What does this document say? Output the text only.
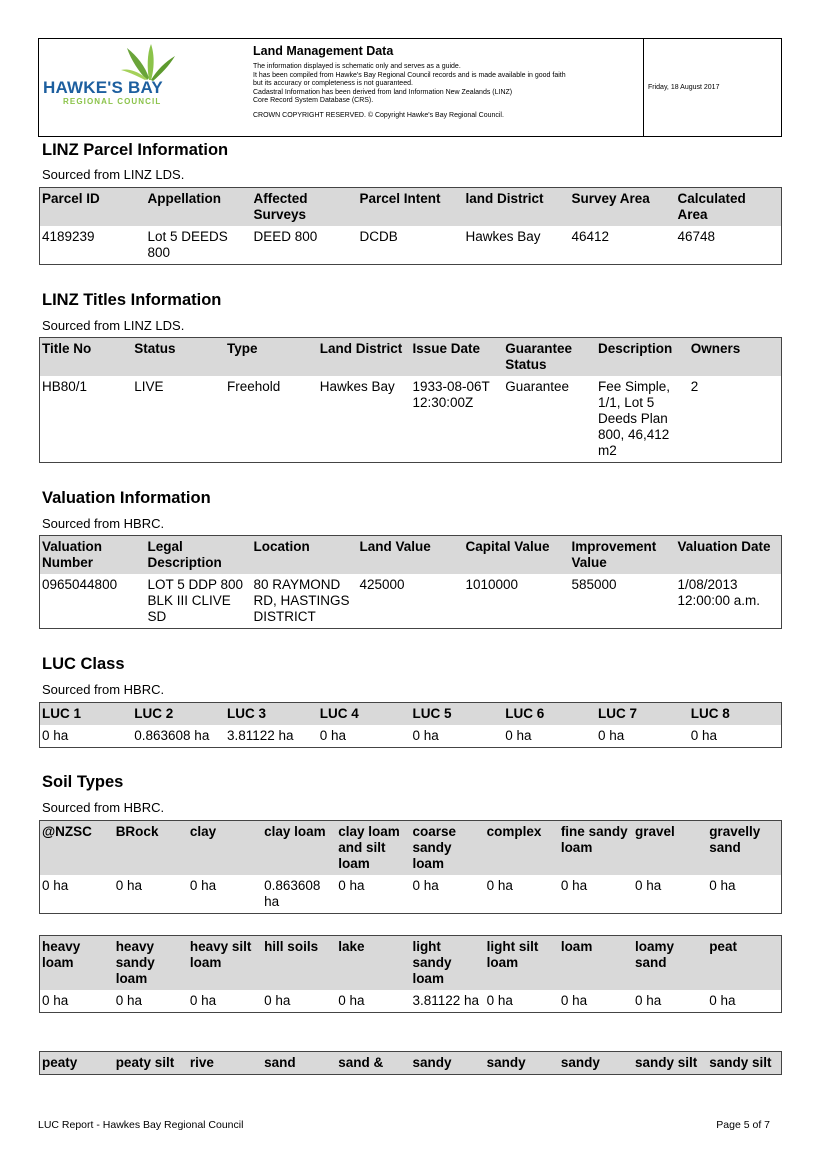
HAWKE'S BAY
REGIONAL COUNCIL
Land Management Data

The information displayed is schematic only and serves as a guide.

It has been compiled from Hawke's Bay Regional Council records and is made available in good faith

but its accuracy or completeness is not guaranteed.

Cadastral Information has been derived from land Information New Zealands (LINZ)

Core Record System Database (CRS).

CROWN COPYRIGHT RESERVED. © Copyright Hawke's Bay Regional Council.

Friday, 18 August 2017
LINZ Parcel Information
Sourced from LINZ LDS.
Parcel ID	Appellation	Affected Surveys	Parcel Intent	land District	Survey Area	Calculated Area
4189239	Lot 5 DEEDS 800	DEED 800	DCDB	Hawkes Bay	46412	46748
LINZ Titles Information
Sourced from LINZ LDS.
Title No	Status	Type	Land District	Issue Date	Guarantee Status	Description	Owners
HB80/1	LIVE	Freehold	Hawkes Bay	1933-08-06T 12:30:00Z	Guarantee	Fee Simple, 1/1, Lot 5 Deeds Plan 800, 46,412 m2	2
Valuation Information
Sourced from HBRC.
Valuation Number	Legal Description	Location	Land Value	Capital Value	Improvement Value	Valuation Date
0965044800	LOT 5 DDP 800 BLK III CLIVE SD	80 RAYMOND RD, HASTINGS DISTRICT	425000	1010000	585000	1/08/2013 12:00:00 a.m.
LUC Class
Sourced from HBRC.
LUC 1	LUC 2	LUC 3	LUC 4	LUC 5	LUC 6	LUC 7	LUC 8
0 ha	0.863608 ha	3.81122 ha	0 ha	0 ha	0 ha	0 ha	0 ha
Soil Types
Sourced from HBRC.
@NZSC	BRock	clay	clay loam	clay loam and silt loam	coarse sandy loam	complex	fine sandy loam	gravel	gravelly sand
0 ha	0 ha	0 ha	0.863608 ha	0 ha	0 ha	0 ha	0 ha	0 ha	0 ha
heavy loam	heavy sandy loam	heavy silt loam	hill soils	lake	light sandy loam	light silt loam	loam	loamy sand	peat
0 ha	0 ha	0 ha	0 ha	0 ha	3.81122 ha	0 ha	0 ha	0 ha	0 ha
peaty	peaty silt	rive	sand	sand &	sandy	sandy	sandy	sandy silt	sandy silt
LUC Report - Hawkes Bay Regional Council	Page 5 of 7
